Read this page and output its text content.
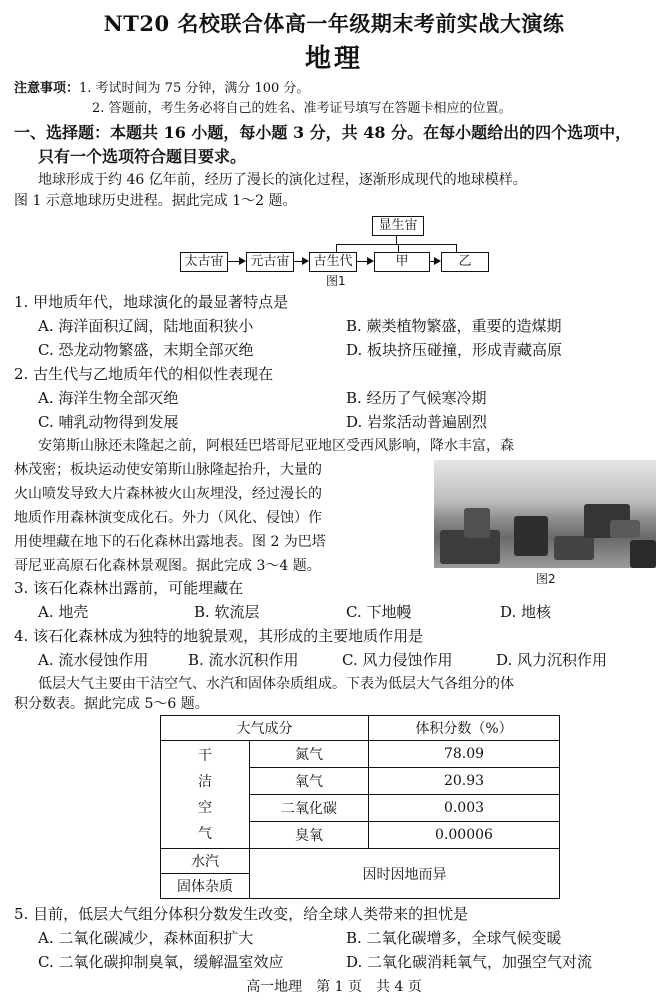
NT20 名校联合体高一年级期末考前实战大演练
地理
注意事项：1. 考试时间为 75 分钟，满分 100 分。
2. 答题前，考生务必将自己的姓名、准考证号填写在答题卡相应的位置。
一、选择题：本题共 16 小题，每小题 3 分，共 48 分。在每小题给出的四个选项中，
只有一个选项符合题目要求。
地球形成于约 46 亿年前，经历了漫长的演化过程，逐渐形成现代的地球模样。
图 1 示意地球历史进程。据此完成 1～2 题。
显生宙
太古宙	元古宙	古生代	甲	乙
图1
1. 甲地质年代，地球演化的最显著特点是
A. 海洋面积辽阔，陆地面积狭小	B. 蕨类植物繁盛，重要的造煤期
C. 恐龙动物繁盛，末期全部灭绝	D. 板块挤压碰撞，形成青藏高原
2. 古生代与乙地质年代的相似性表现在
A. 海洋生物全部灭绝	B. 经历了气候寒冷期
C. 哺乳动物得到发展	D. 岩浆活动普遍剧烈
安第斯山脉还未隆起之前，阿根廷巴塔哥尼亚地区受西风影响，降水丰富，森
林茂密；板块运动使安第斯山脉隆起抬升，大量的
火山喷发导致大片森林被火山灰埋没，经过漫长的
地质作用森林演变成化石。外力（风化、侵蚀）作
用使埋藏在地下的石化森林出露地表。图 2 为巴塔
哥尼亚高原石化森林景观图。据此完成 3～4 题。
图2
3. 该石化森林出露前，可能埋藏在
A. 地壳	B. 软流层	C. 下地幔	D. 地核
4. 该石化森林成为独特的地貌景观，其形成的主要地质作用是
A. 流水侵蚀作用	B. 流水沉积作用	C. 风力侵蚀作用	D. 风力沉积作用
低层大气主要由干洁空气、水汽和固体杂质组成。下表为低层大气各组分的体
积分数表。据此完成 5～6 题。
大气成分		体积分数（%）

干
洁
空
气	氮气	78.09
	氧气	20.93
	二氧化碳	0.003
	臭氧	0.00006
水汽	因时因地而异	
固体杂质		
5. 目前，低层大气组分体积分数发生改变，给全球人类带来的担忧是
A. 二氧化碳减少，森林面积扩大	B. 二氧化碳增多，全球气候变暖
C. 二氧化碳抑制臭氧，缓解温室效应	D. 二氧化碳消耗氧气，加强空气对流
高一地理　第 1 页　共 4 页
